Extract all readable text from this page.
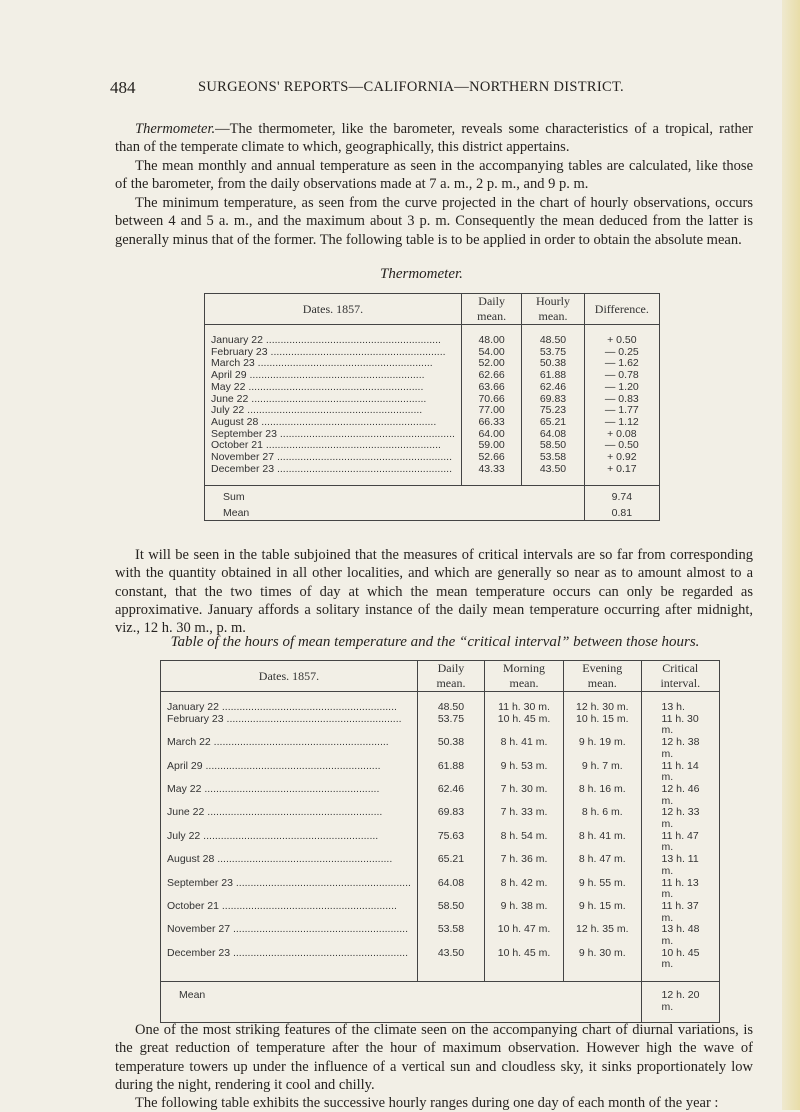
484	SURGEONS' REPORTS—CALIFORNIA—NORTHERN DISTRICT.

Thermometer.—The thermometer, like the barometer, reveals some characteristics of a tropical, rather than of the temperate climate to which, geographically, this district appertains.

The mean monthly and annual temperature as seen in the accompanying tables are calculated, like those of the barometer, from the daily observations made at 7 a. m., 2 p. m., and 9 p. m.

The minimum temperature, as seen from the curve projected in the chart of hourly observations, occurs between 4 and 5 a. m., and the maximum about 3 p. m. Consequently the mean deduced from the latter is generally minus that of the former. The following table is to be applied in order to obtain the absolute mean.

Thermometer.
Dates. 1857.	Daily mean.	Hourly mean.	Difference.

January 22 ............................................................	48.00	48.50	+ 0.50
February 23 ............................................................	54.00	53.75	— 0.25
March 23 ............................................................	52.00	50.38	— 1.62
April 29 ............................................................	62.66	61.88	— 0.78
May 22 ............................................................	63.66	62.46	— 1.20
June 22 ............................................................	70.66	69.83	— 0.83
July 22 ............................................................	77.00	75.23	— 1.77
August 28 ............................................................	66.33	65.21	— 1.12
September 23 ............................................................	64.00	64.08	+ 0.08
October 21 ............................................................	59.00	58.50	— 0.50
November 27 ............................................................	52.66	53.58	+ 0.92
December 23 ............................................................	43.33	43.50	+ 0.17

Sum			9.74
Mean			0.81

It will be seen in the table subjoined that the measures of critical intervals are so far from corresponding with the quantity obtained in all other localities, and which are generally so near as to amount almost to a constant, that the two times of day at which the mean temperature occurs can only be regarded as approximative. January affords a solitary instance of the daily mean temperature occurring after midnight, viz., 12 h. 30 m., p. m.

Table of the hours of mean temperature and the “critical interval” between those hours.
Dates. 1857.	Daily mean.	Morning mean.	Evening mean.	Critical interval.

January 22 ............................................................	48.50	11 h. 30 m.	12 h. 30 m.	13 h.
February 23 ............................................................	53.75	10 h. 45 m.	10 h. 15 m.	11 h. 30 m.
March 22 ............................................................	50.38	8 h. 41 m.	9 h. 19 m.	12 h. 38 m.
April 29 ............................................................	61.88	9 h. 53 m.	9 h. 7 m.	11 h. 14 m.
May 22 ............................................................	62.46	7 h. 30 m.	8 h. 16 m.	12 h. 46 m.
June 22 ............................................................	69.83	7 h. 33 m.	8 h. 6 m.	12 h. 33 m.
July 22 ............................................................	75.63	8 h. 54 m.	8 h. 41 m.	11 h. 47 m.
August 28 ............................................................	65.21	7 h. 36 m.	8 h. 47 m.	13 h. 11 m.
September 23 ............................................................	64.08	8 h. 42 m.	9 h. 55 m.	11 h. 13 m.
October 21 ............................................................	58.50	9 h. 38 m.	9 h. 15 m.	11 h. 37 m.
November 27 ............................................................	53.58	10 h. 47 m.	12 h. 35 m.	13 h. 48 m.
December 23 ............................................................	43.50	10 h. 45 m.	9 h. 30 m.	10 h. 45 m.

Mean				12 h. 20 m.

One of the most striking features of the climate seen on the accompanying chart of diurnal variations, is the great reduction of temperature after the hour of maximum observation. However high the wave of temperature towers up under the influence of a vertical sun and cloudless sky, it sinks proportionately low during the night, rendering it cool and chilly.

The following table exhibits the successive hourly ranges during one day of each month of the year :
